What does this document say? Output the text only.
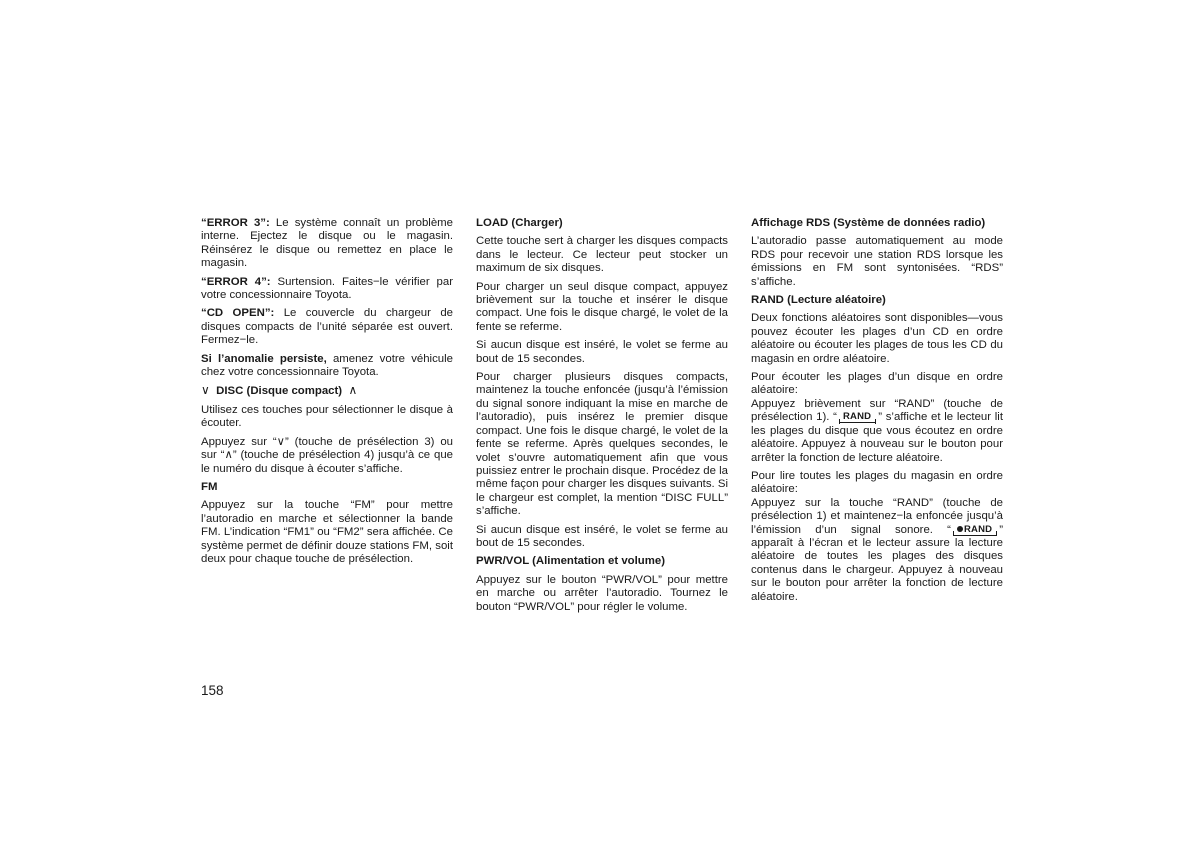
“ERROR 3”: Le système connaît un problème interne. Ejectez le disque ou le magasin. Réinsérez le disque ou remettez en place le magasin.

“ERROR 4”: Surtension. Faites−le vérifier par votre concessionnaire Toyota.

“CD OPEN”: Le couvercle du chargeur de disques compacts de l’unité séparée est ouvert. Fermez−le.

Si l’anomalie persiste, amenez votre véhicule chez votre concessionnaire Toyota.

∨ DISC (Disque compact) ∧

Utilisez ces touches pour sélectionner le disque à écouter.

Appuyez sur “∨” (touche de présélection 3) ou sur “∧” (touche de présélection 4) jusqu’à ce que le numéro du disque à écouter s’affiche.

FM

Appuyez sur la touche “FM” pour mettre l’autoradio en marche et sélectionner la bande FM. L’indication “FM1” ou “FM2” sera affichée. Ce système permet de définir douze stations FM, soit deux pour chaque touche de présélection.

LOAD (Charger)

Cette touche sert à charger les disques compacts dans le lecteur. Ce lecteur peut stocker un maximum de six disques.

Pour charger un seul disque compact, appuyez brièvement sur la touche et insérer le disque compact. Une fois le disque chargé, le volet de la fente se referme.

Si aucun disque est inséré, le volet se ferme au bout de 15 secondes.

Pour charger plusieurs disques compacts, maintenez la touche enfoncée (jusqu’à l’émission du signal sonore indiquant la mise en marche de l’autoradio), puis insérez le premier disque compact. Une fois le disque chargé, le volet de la fente se referme. Après quelques secondes, le volet s’ouvre automatiquement afin que vous puissiez entrer le prochain disque. Procédez de la même façon pour charger les disques suivants. Si le chargeur est complet, la mention “DISC FULL” s’affiche.

Si aucun disque est inséré, le volet se ferme au bout de 15 secondes.

PWR/VOL (Alimentation et volume)

Appuyez sur le bouton “PWR/VOL” pour mettre en marche ou arrêter l’autoradio. Tournez le bouton “PWR/VOL” pour régler le volume.

Affichage RDS (Système de données radio)

L’autoradio passe automatiquement au mode RDS pour recevoir une station RDS lorsque les émissions en FM sont syntonisées. “RDS” s’affiche.

RAND (Lecture aléatoire)

Deux fonctions aléatoires sont disponibles—vous pouvez écouter les plages d’un CD en ordre aléatoire ou écouter les plages de tous les CD du magasin en ordre aléatoire.

Pour écouter les plages d’un disque en ordre aléatoire:
Appuyez brièvement sur “RAND” (touche de présélection 1). “ RAND ” s’affiche et le lecteur lit les plages du disque que vous écoutez en ordre aléatoire. Appuyez à nouveau sur le bouton pour arrêter la fonction de lecture aléatoire.

Pour lire toutes les plages du magasin en ordre aléatoire:
Appuyez sur la touche “RAND” (touche de présélection 1) et maintenez−la enfoncée jusqu’à l’émission d’un signal sonore. “ RAND ” apparaît à l’écran et le lecteur assure la lecture aléatoire de toutes les plages des disques contenus dans le chargeur. Appuyez à nouveau sur le bouton pour arrêter la fonction de lecture aléatoire.

158
